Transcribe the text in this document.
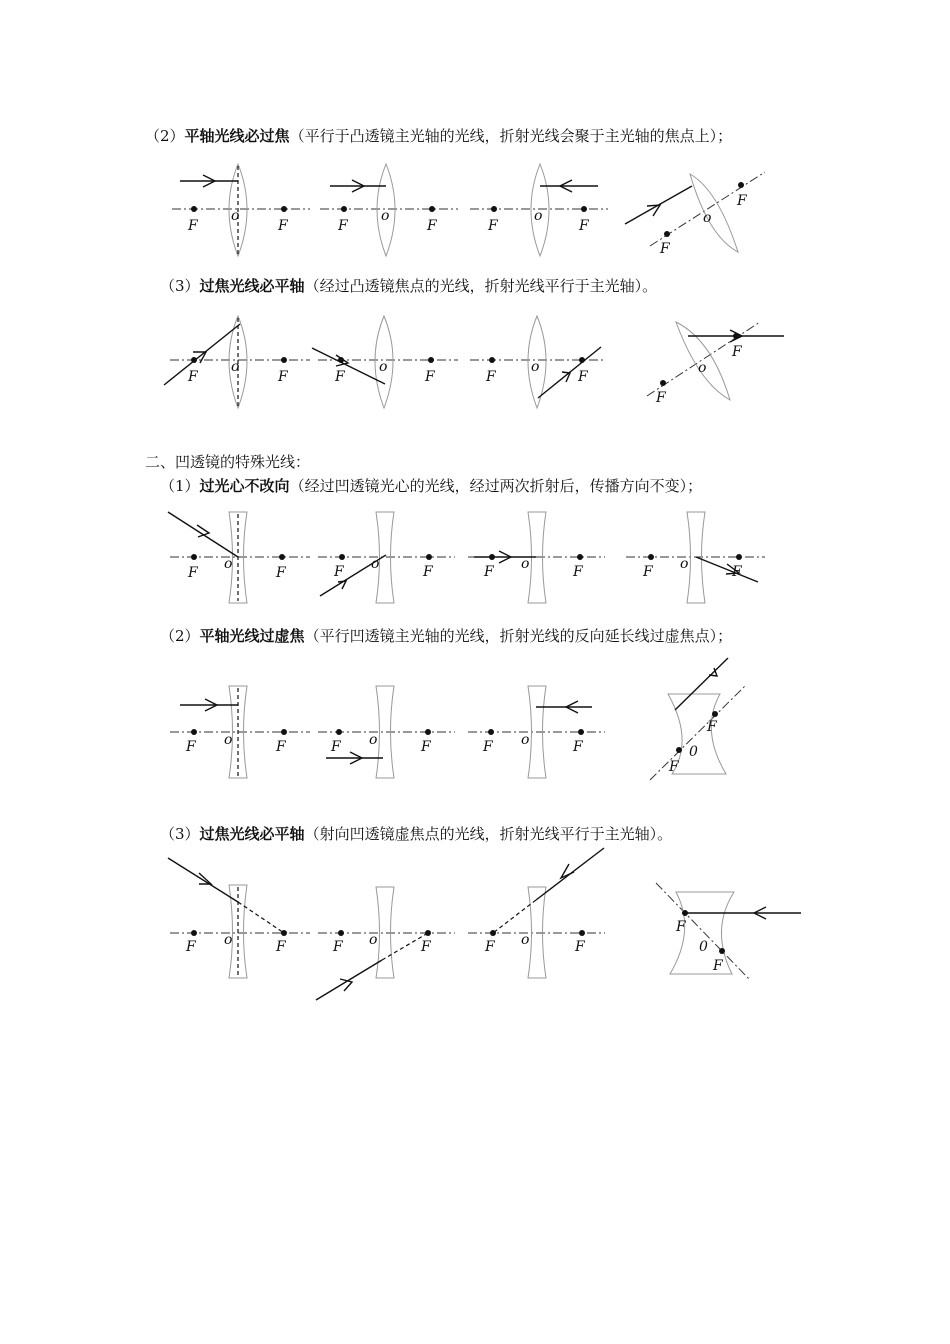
（2）平轴光线必过焦（平行于凸透镜主光轴的光线，折射光线会聚于主光轴的焦点上）；
（3）过焦光线必平轴（经过凸透镜焦点的光线，折射光线平行于主光轴）。
二、凹透镜的特殊光线：
（1）过光心不改向（经过凹透镜光心的光线，经过两次折射后，传播方向不变）；
（2）平轴光线过虚焦（平行凹透镜主光轴的光线，折射光线的反向延长线过虚焦点）；
（3）过焦光线必平轴（射向凹透镜虚焦点的光线，折射光线平行于主光轴）。
F	F
o
F	F
o
F	F
o
F
F
o
F	F
o
F	F
o
F	F
o
F
F
o
F	F
o	F	F
o	F	F
o	F	F
o
F	F
o	F	F
o	F	F
o
F
F
0
F	F
o	F	F
o	F	F
o
F
F
0
